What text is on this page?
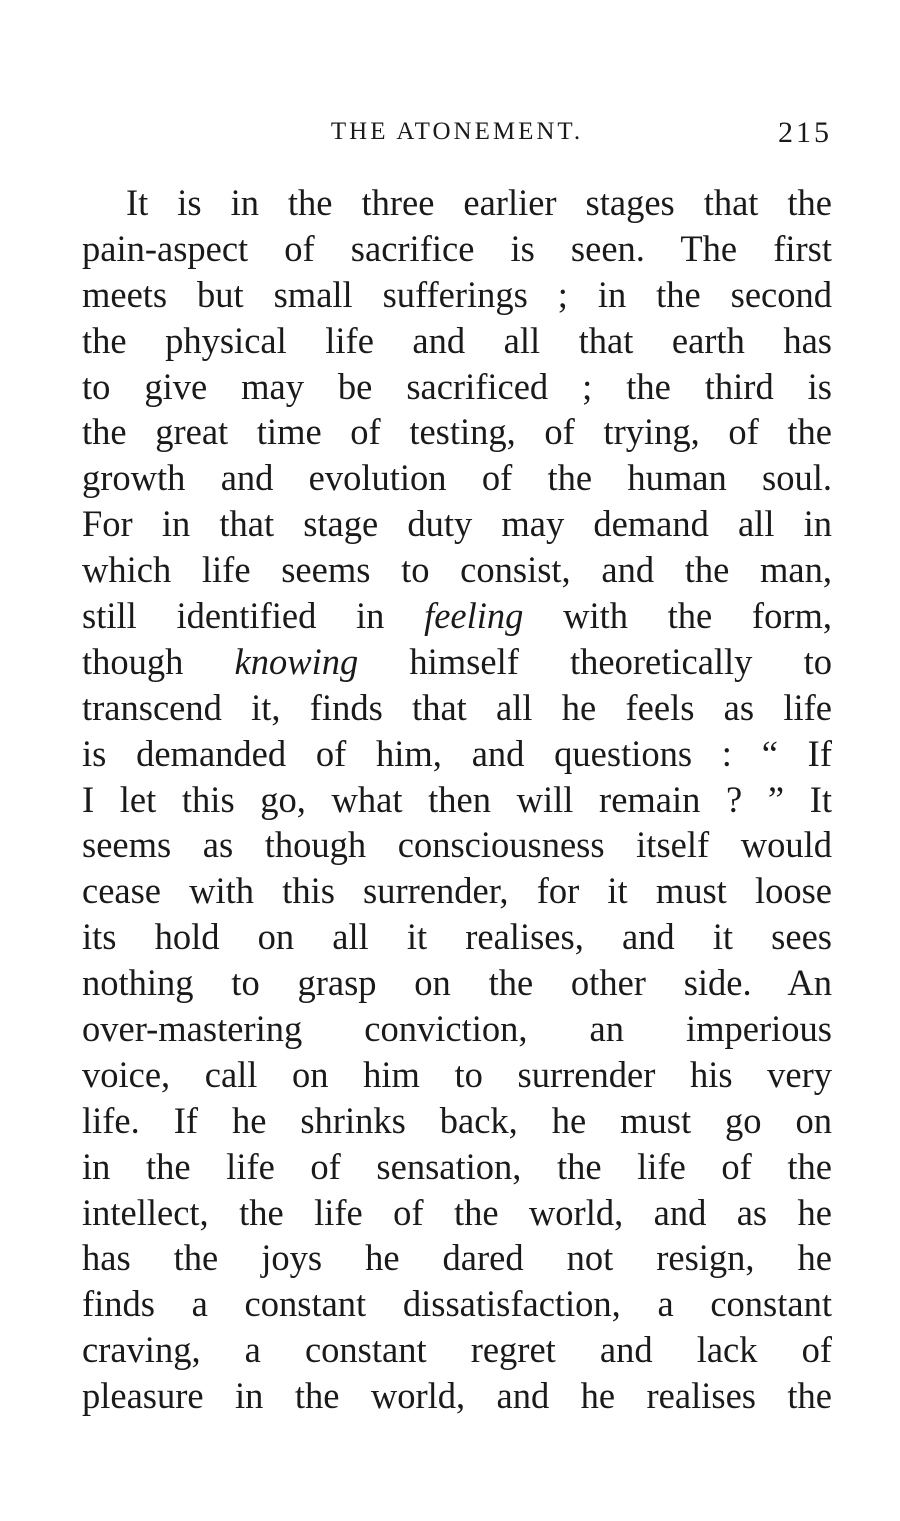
THE ATONEMENT.	215
It is in the three earlier stages that the
pain-aspect of sacrifice is seen. The first
meets but small sufferings ; in the second
the physical life and all that earth has
to give may be sacrificed ; the third is
the great time of testing, of trying, of the
growth and evolution of the human soul.
For in that stage duty may demand all in
which life seems to consist, and the man,
still identified in feeling with the form,
though knowing himself theoretically to
transcend it, finds that all he feels as life
is demanded of him, and questions : “ If
I let this go, what then will remain ? ” It
seems as though consciousness itself would
cease with this surrender, for it must loose
its hold on all it realises, and it sees
nothing to grasp on the other side. An
over-mastering conviction, an imperious
voice, call on him to surrender his very
life. If he shrinks back, he must go on
in the life of sensation, the life of the
intellect, the life of the world, and as he
has the joys he dared not resign, he
finds a constant dissatisfaction, a constant
craving, a constant regret and lack of
pleasure in the world, and he realises the
